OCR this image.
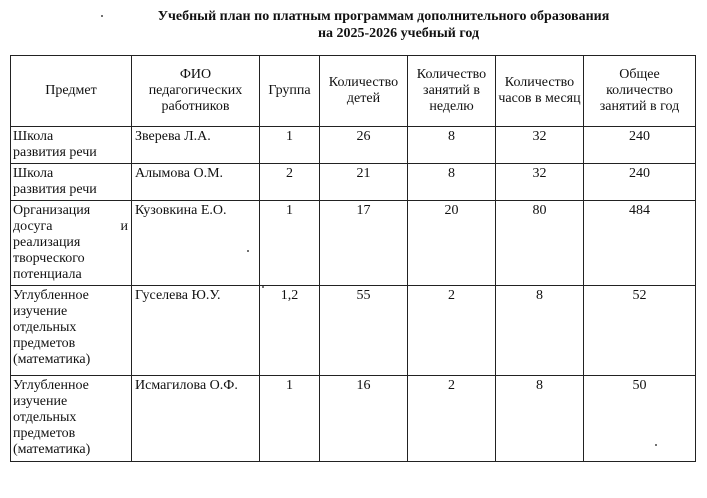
Учебный план по платным программам дополнительного образования
на 2025-2026 учебный год
Предмет	ФИО педагогических работников	Группа	Количество детей	Количество занятий в неделю	Количество часов в месяц	Общее количество занятий в год

Школа
развития речи	Зверева Л.А.	1	26	8	32	240

Школа
развития речи	Алымова О.М.	2	21	8	32	240

Организация
досуга и
реализация
творческого
потенциала	Кузовкина Е.О.	1	17	20	80	484

Углубленное
изучение
отдельных
предметов
(математика)	Гуселева Ю.У.	1,2	55	2	8	52

Углубленное
изучение
отдельных
предметов
(математика)	Исмагилова О.Ф.	1	16	2	8	50
